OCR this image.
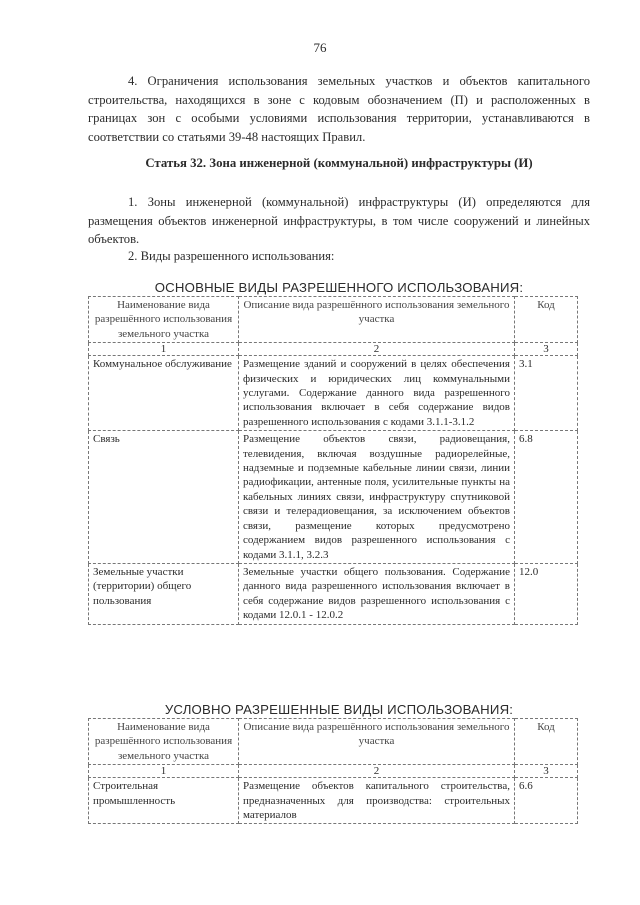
76
4. Ограничения использования земельных участков и объектов капитального строительства, находящихся в зоне с кодовым обозначением (П) и расположенных в границах зон с особыми условиями использования территории, устанавливаются в соответствии со статьями 39-48 настоящих Правил.
Статья 32. Зона инженерной (коммунальной) инфраструктуры (И)
1. Зоны инженерной (коммунальной) инфраструктуры (И) определяются для размещения объектов инженерной инфраструктуры, в том числе сооружений и линейных объектов.
2. Виды разрешенного использования:
ОСНОВНЫЕ ВИДЫ РАЗРЕШЕННОГО ИСПОЛЬЗОВАНИЯ:
Наименование вида разрешённого использования земельного участка	Описание вида разрешённого использования земельного участка	Код
1	2	3
Коммунальное обслуживание	Размещение зданий и сооружений в целях обеспечения физических и юридических лиц коммунальными услугами. Содержание данного вида разрешенного использования включает в себя содержание видов разрешенного использования с кодами 3.1.1-3.1.2	3.1
Связь	Размещение объектов связи, радиовещания, телевидения, включая воздушные радиорелейные, надземные и подземные кабельные линии связи, линии радиофикации, антенные поля, усилительные пункты на кабельных линиях связи, инфраструктуру спутниковой связи и телерадиовещания, за исключением объектов связи, размещение которых предусмотрено содержанием видов разрешенного использования с кодами 3.1.1, 3.2.3	6.8
Земельные участки (территории) общего пользования	Земельные участки общего пользования. Содержание данного вида разрешенного использования включает в себя содержание видов разрешенного использования с кодами 12.0.1 - 12.0.2	12.0
УСЛОВНО РАЗРЕШЕННЫЕ ВИДЫ ИСПОЛЬЗОВАНИЯ:
Наименование вида разрешённого использования земельного участка	Описание вида разрешённого использования земельного участка	Код
1	2	3
Строительная промышленность	Размещение объектов капитального строительства, предназначенных для производства: строительных материалов	6.6
